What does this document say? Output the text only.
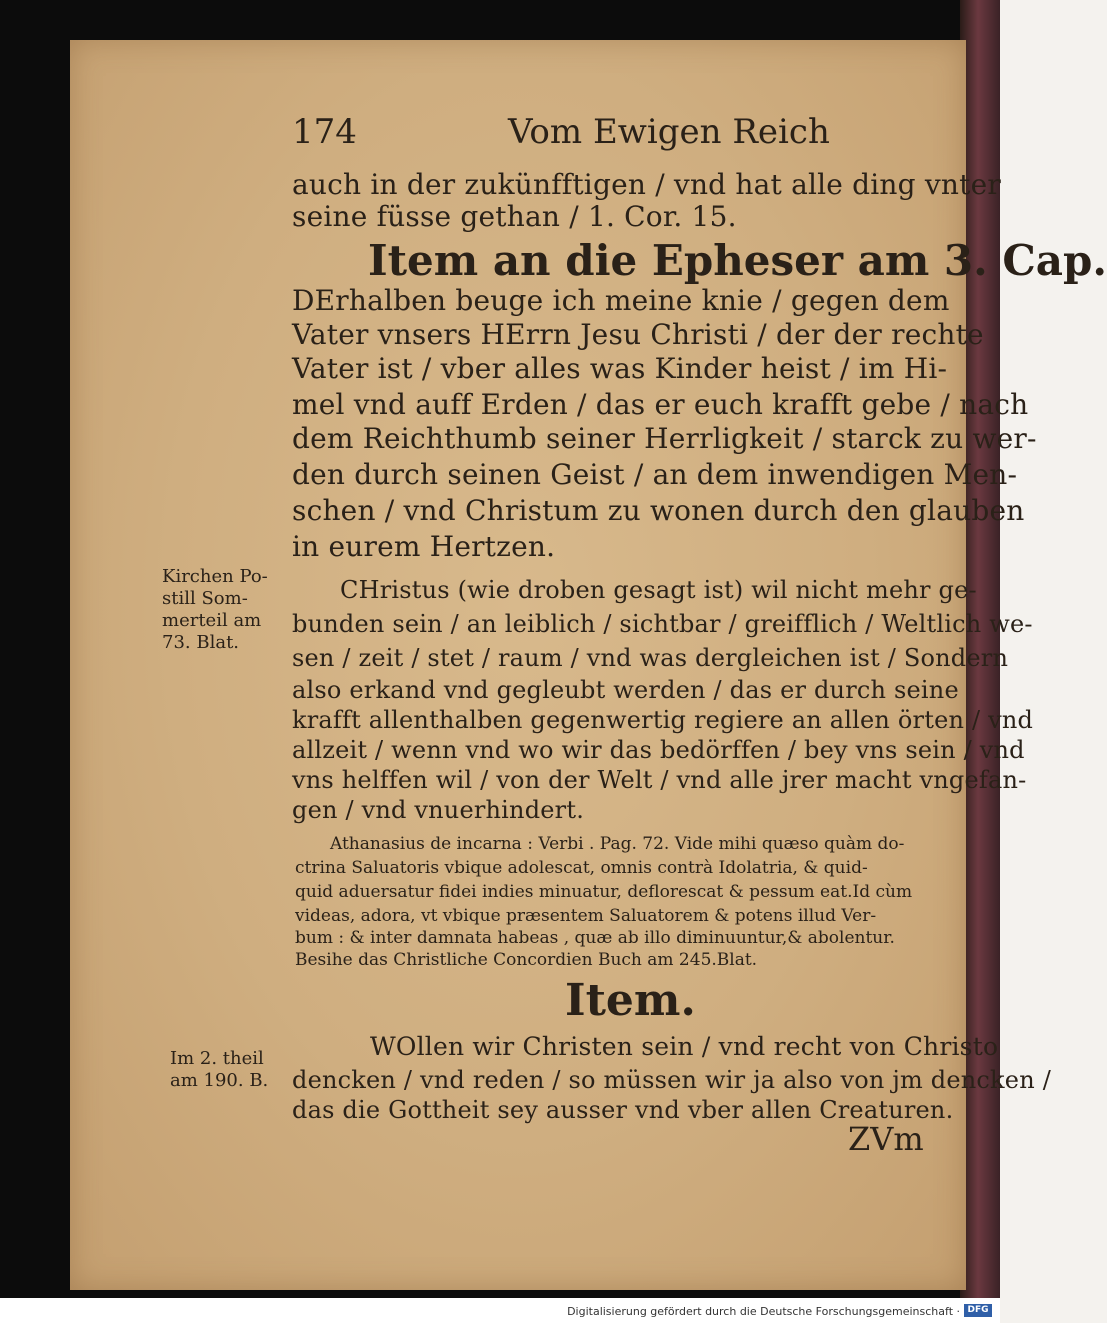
174	Vom Ewigen Reich
auch in der zukünfftigen / vnd hat alle ding vnter
seine füsse gethan / 1. Cor. 15.
Item an die Epheser am 3. Cap.
DErhalben beuge ich meine knie / gegen dem
Vater vnsers HErrn Jesu Christi / der der rechte
Vater ist / vber alles was Kinder heist / im Hi-
mel vnd auff Erden / das er euch krafft gebe / nach
dem Reichthumb seiner Herrligkeit / starck zu wer-
den durch seinen Geist / an dem inwendigen Men-
schen / vnd Christum zu wonen durch den glauben
in eurem Hertzen.
Kirchen Po-
still Som-
merteil am
73. Blat.
CHristus (wie droben gesagt ist) wil nicht mehr ge-
bunden sein / an leiblich / sichtbar / greifflich / Weltlich we-
sen / zeit / stet / raum / vnd was dergleichen ist / Sondern
also erkand vnd gegleubt werden / das er durch seine
krafft allenthalben gegenwertig regiere an allen örten / vnd
allzeit / wenn vnd wo wir das bedörffen / bey vns sein / vnd
vns helffen wil / von der Welt / vnd alle jrer macht vngefan-
gen / vnd vnuerhindert.
Athanasius de incarna : Verbi . Pag. 72. Vide mihi quæso quàm do-
ctrina Saluatoris vbique adolescat, omnis contrà Idolatria, & quid-
quid aduersatur fidei indies minuatur, deflorescat & pessum eat.Id cùm
videas, adora, vt vbique præsentem Saluatorem & potens illud Ver-
bum : & inter damnata habeas , quæ ab illo diminuuntur,& abolentur.
Besihe das Christliche Concordien Buch am 245.Blat.
Item.
Im 2. theil
am 190. B.
WOllen wir Christen sein / vnd recht von Christo
dencken / vnd reden / so müssen wir ja also von jm dencken /
das die Gottheit sey ausser vnd vber allen Creaturen.
ZVm
Digitalisierung gefördert durch die Deutsche Forschungsgemeinschaft · DFG
